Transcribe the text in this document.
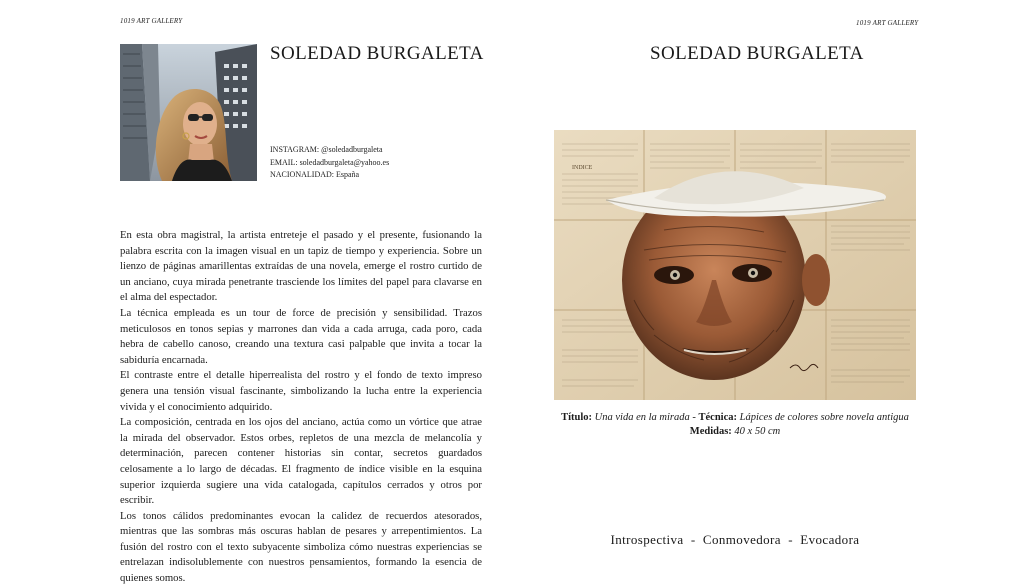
1019 ART GALLERY
SOLEDAD BURGALETA
INSTAGRAM: @soledadburgaleta
EMAIL: soledadburgaleta@yahoo.es
NACIONALIDAD: España

En esta obra magistral, la artista entreteje el pasado y el presente, fusionando la palabra escrita con la imagen visual en un tapiz de tiempo y experiencia. Sobre un lienzo de páginas amarillentas extraídas de una novela, emerge el rostro curtido de un anciano, cuya mirada penetrante trasciende los límites del papel para clavarse en el alma del espectador.

La técnica empleada es un tour de force de precisión y sensibilidad. Trazos meticulosos en tonos sepias y marrones dan vida a cada arruga, cada poro, cada hebra de cabello canoso, creando una textura casi palpable que invita a tocar la sabiduría encarnada.

El contraste entre el detalle hiperrealista del rostro y el fondo de texto impreso genera una tensión visual fascinante, simbolizando la lucha entre la experiencia vivida y el conocimiento adquirido.

La composición, centrada en los ojos del anciano, actúa como un vórtice que atrae la mirada del observador. Estos orbes, repletos de una mezcla de melancolía y determinación, parecen contener historias sin contar, secretos guardados celosamente a lo largo de décadas. El fragmento de índice visible en la esquina superior izquierda sugiere una vida catalogada, capítulos cerrados y otros por escribir.

Los tonos cálidos predominantes evocan la calidez de recuerdos atesorados, mientras que las sombras más oscuras hablan de pesares y arrepentimientos. La fusión del rostro con el texto subyacente simboliza cómo nuestras experiencias se entrelazan indisolublemente con nuestros pensamientos, formando la esencia de quienes somos.

1019 ART GALLERY
SOLEDAD BURGALETA
INDICE
Título: Una vida en la mirada - Técnica: Lápices de colores sobre novela antigua
Medidas: 40 x 50 cm
Introspectiva  -  Conmovedora  -  Evocadora
